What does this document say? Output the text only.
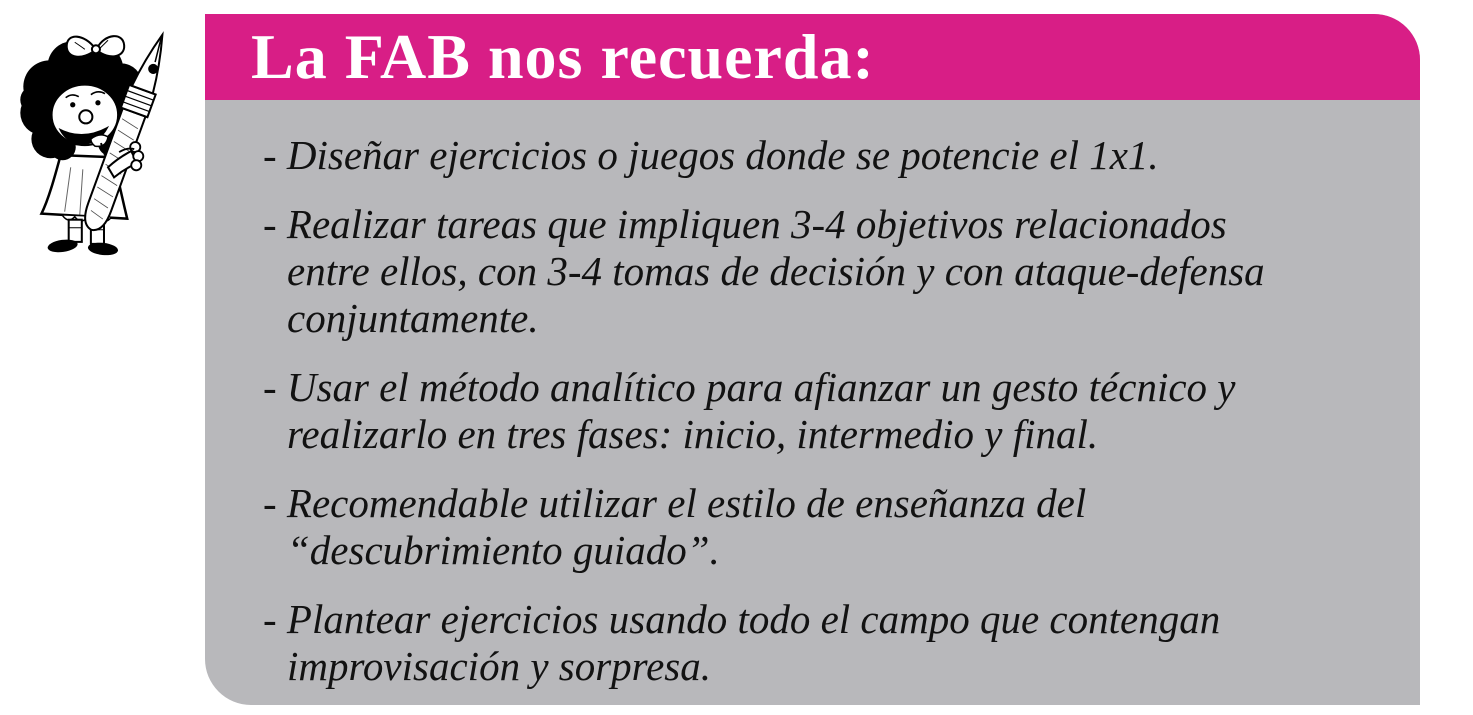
La FAB nos recuerda:
- Diseñar ejercicios o juegos donde se potencie el 1x1.
- Realizar tareas que impliquen 3-4 objetivos relacionados
entre ellos, con 3-4 tomas de decisión y con ataque-defensa
conjuntamente.
- Usar el método analítico para afianzar un gesto técnico y
realizarlo en tres fases: inicio, intermedio y final.
- Recomendable utilizar el estilo de enseñanza del
“descubrimiento guiado”.
- Plantear ejercicios usando todo el campo que contengan
improvisación y sorpresa.
